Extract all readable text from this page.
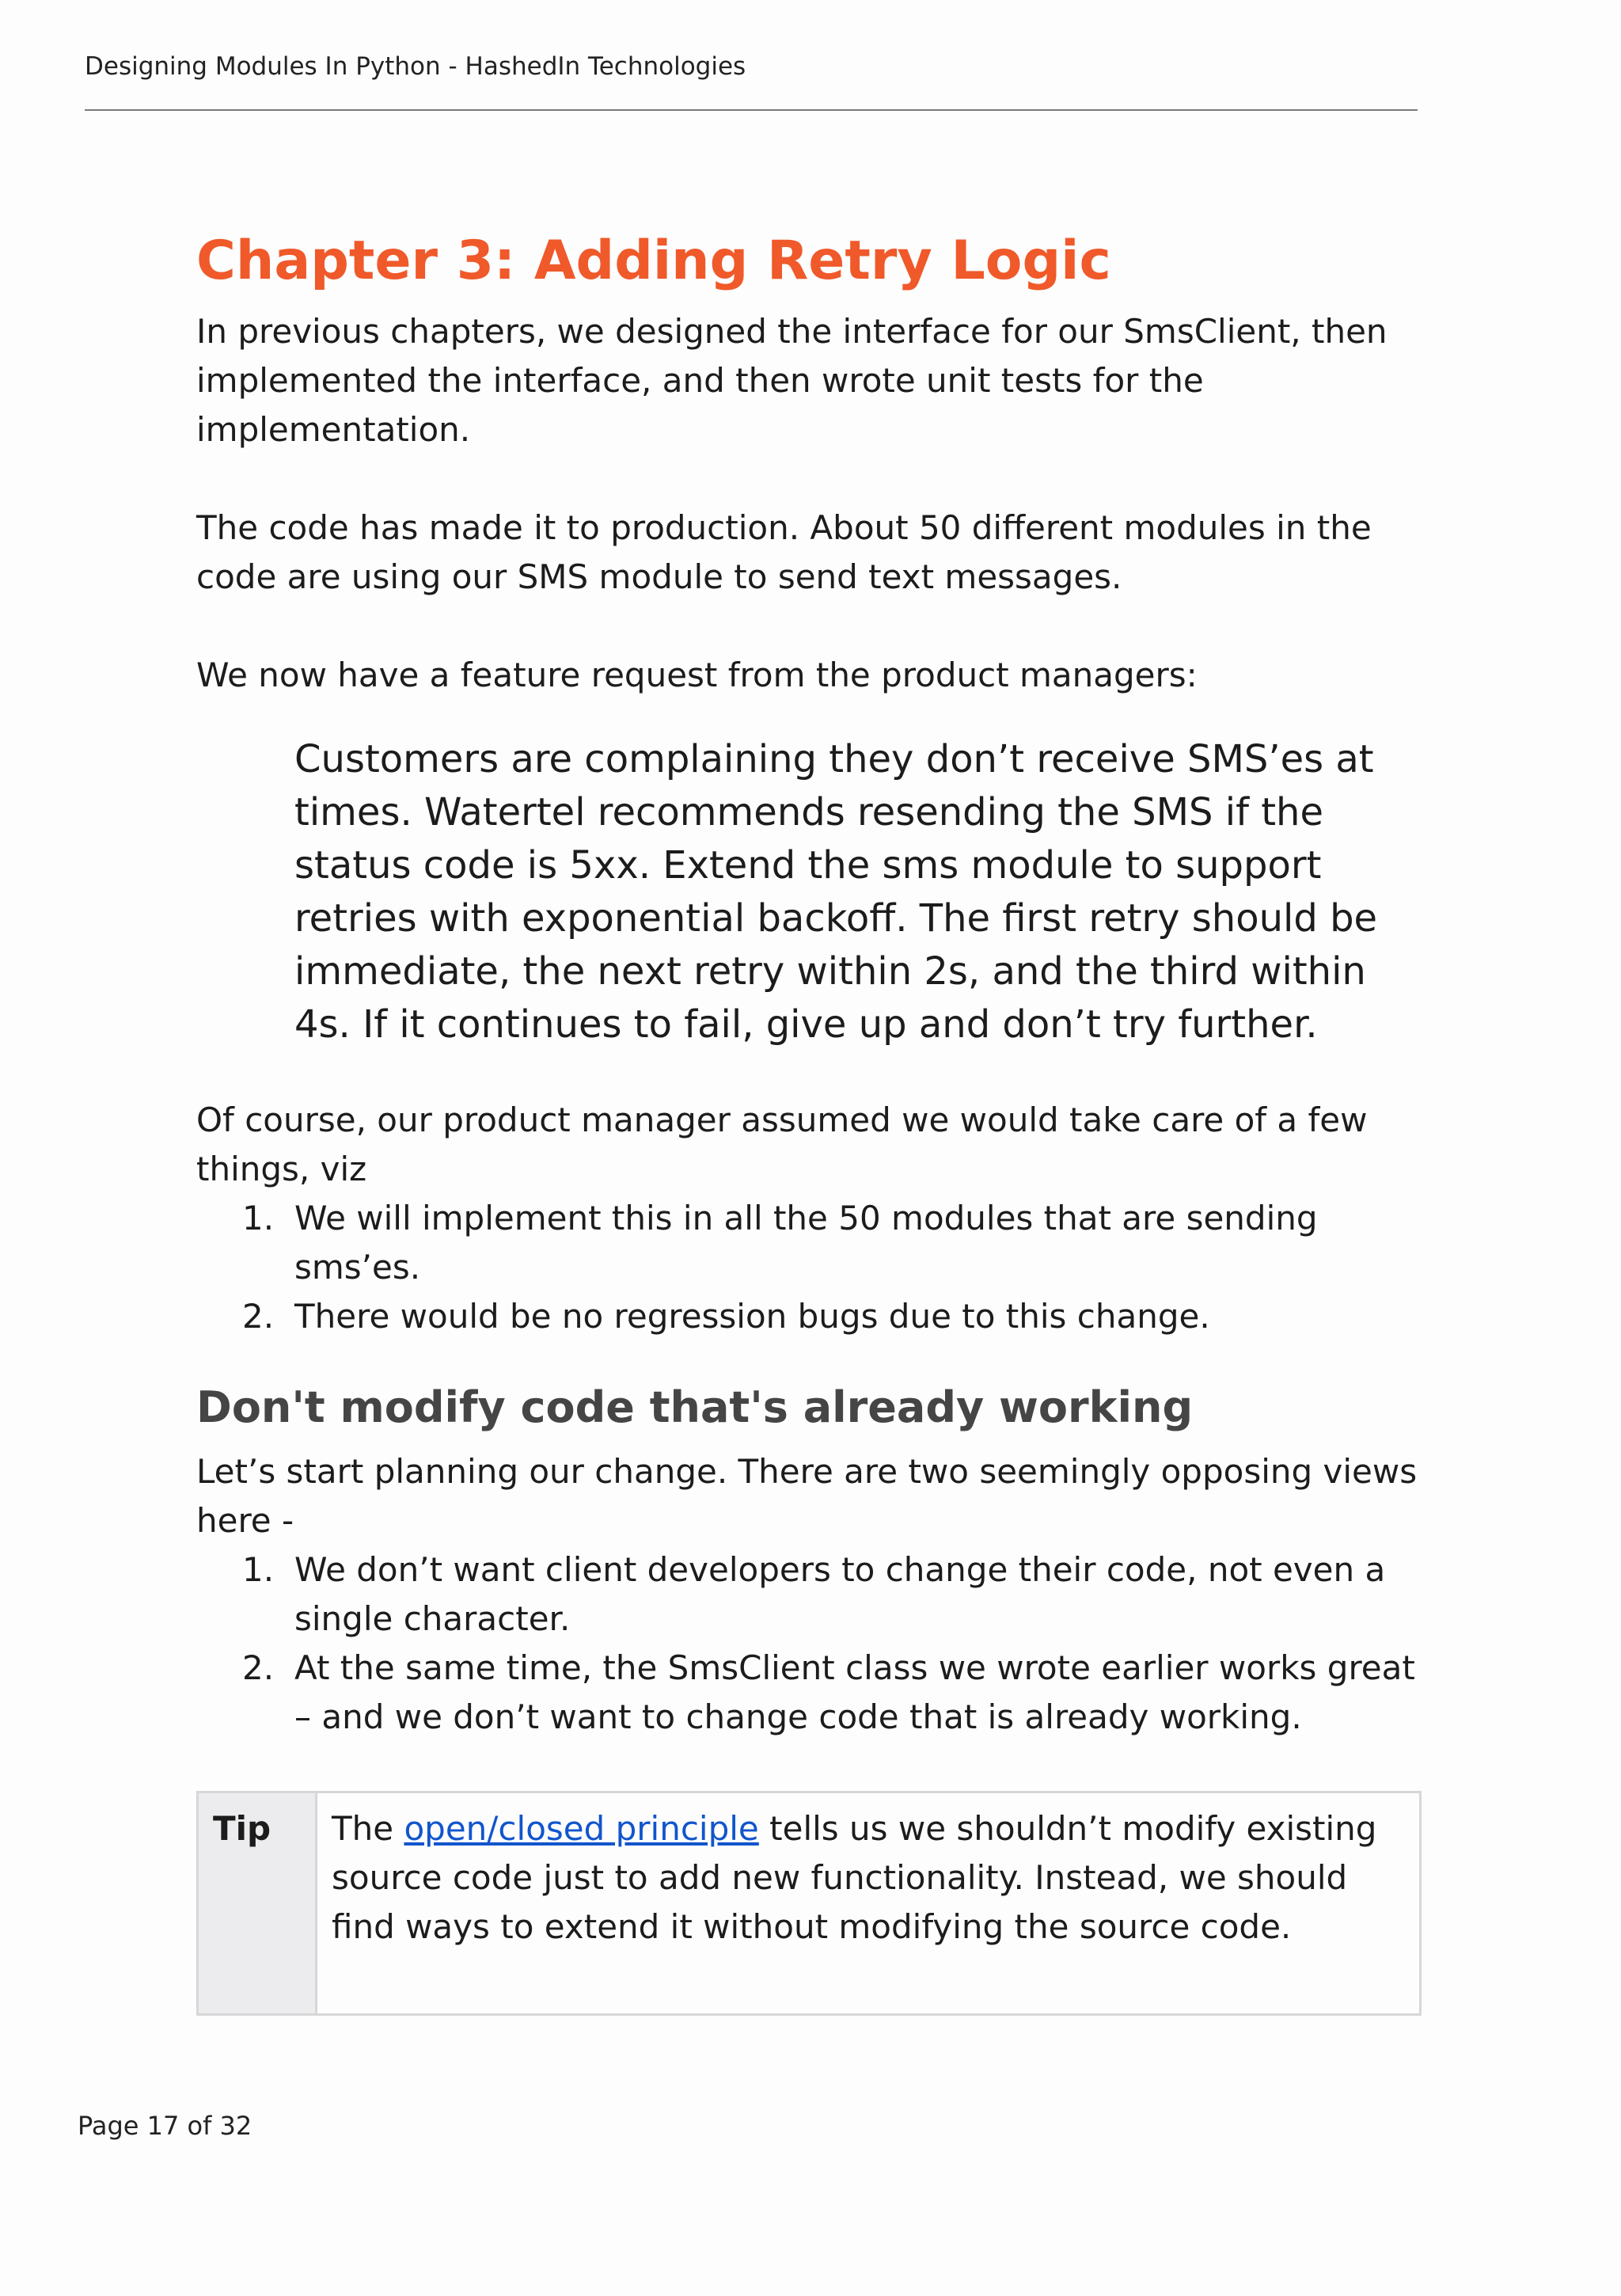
Designing Modules In Python - HashedIn Technologies
Chapter 3: Adding Retry Logic

In previous chapters, we designed the interface for our SmsClient, then implemented the interface, and then wrote unit tests for the implementation.

The code has made it to production. About 50 different modules in the code are using our SMS module to send text messages.

We now have a feature request from the product managers:

Customers are complaining they don’t receive SMS’es at times. Watertel recommends resending the SMS if the status code is 5xx. Extend the sms module to support retries with exponential backoff. The first retry should be immediate, the next retry within 2s, and the third within 4s. If it continues to fail, give up and don’t try further.

Of course, our product manager assumed we would take care of a few things, viz

1. We will implement this in all the 50 modules that are sending sms’es.
2. There would be no regression bugs due to this change.
Don't modify code that's already working

Let’s start planning our change. There are two seemingly opposing views here -

1. We don’t want client developers to change their code, not even a single character.
2. At the same time, the SmsClient class we wrote earlier works great – and we don’t want to change code that is already working.
Tip	The open/closed principle tells us we shouldn’t modify existing source code just to add new functionality. Instead, we should find ways to extend it without modifying the source code.
Page 17 of 32
